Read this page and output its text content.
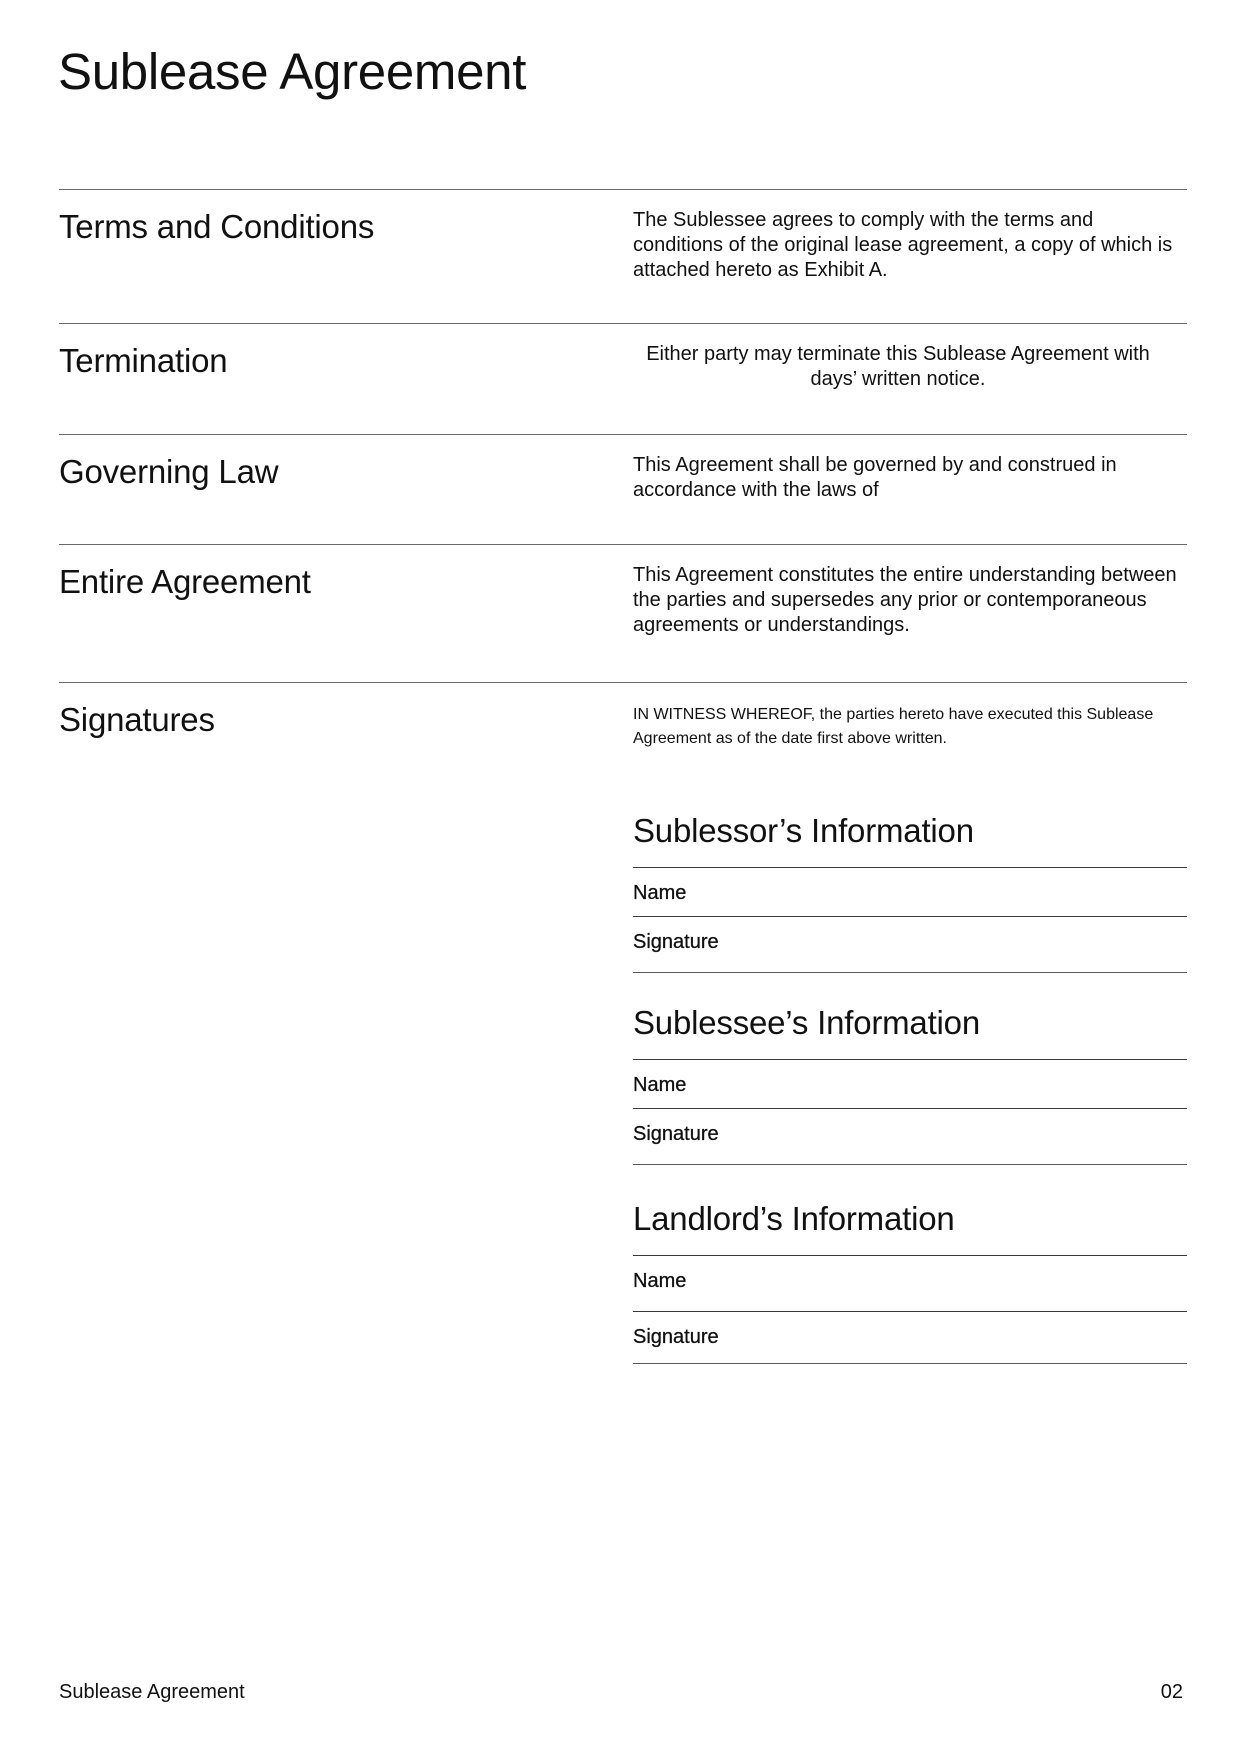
Sublease Agreement
Terms and Conditions	The Sublessee agrees to comply with the terms and conditions of the original lease agreement, a copy of which is attached hereto as Exhibit A.

Termination	Either party may terminate this Sublease Agreement with days’ written notice.

Governing Law	This Agreement shall be governed by and construed in accordance with the laws of

Entire Agreement	This Agreement constitutes the entire understanding between the parties and supersedes any prior or contemporaneous agreements or understandings.

Signatures	IN WITNESS WHEREOF, the parties hereto have executed this Sublease Agreement as of the date first above written.

Sublessor’s Information
Name
Signature
Sublessee’s Information
Name
Signature
Landlord’s Information
Name
Signature
Sublease Agreement	02
